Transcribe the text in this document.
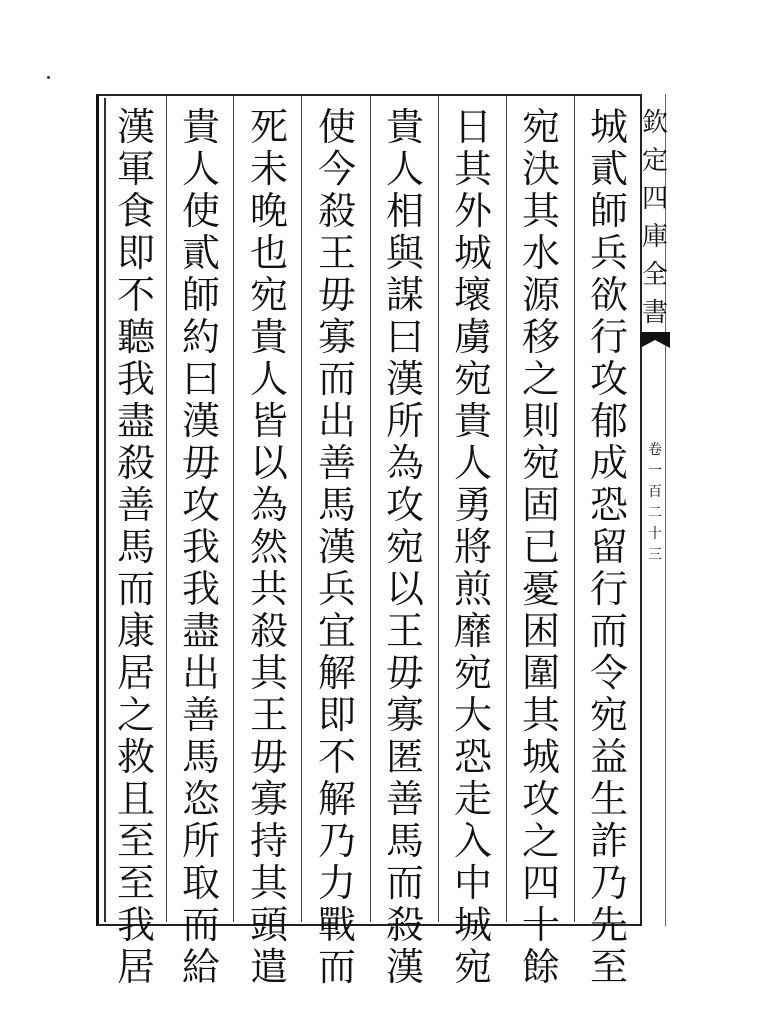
城
貳
師
兵
欲
行
攻
郁
成
恐
留
行
而
令
宛
益
生
詐
乃
先
至
宛
決
其
水
源
移
之
則
宛
固
已
憂
困
圍
其
城
攻
之
四
十
餘
日
其
外
城
壞
虜
宛
貴
人
勇
將
煎
靡
宛
大
恐
走
入
中
城
宛
貴
人
相
與
謀
曰
漢
所
為
攻
宛
以
王
毋
寡
匿
善
馬
而
殺
漢
使
今
殺
王
毋
寡
而
出
善
馬
漢
兵
宜
解
即
不
解
乃
力
戰
而
死
未
晚
也
宛
貴
人
皆
以
為
然
共
殺
其
王
毋
寡
持
其
頭
遣
貴
人
使
貳
師
約
曰
漢
毋
攻
我
我
盡
出
善
馬
恣
所
取
而
給
漢
軍
食
即
不
聽
我
盡
殺
善
馬
而
康
居
之
救
且
至
至
我
居
欽
定
四
庫
全
書
卷
一
百
二
十
三
